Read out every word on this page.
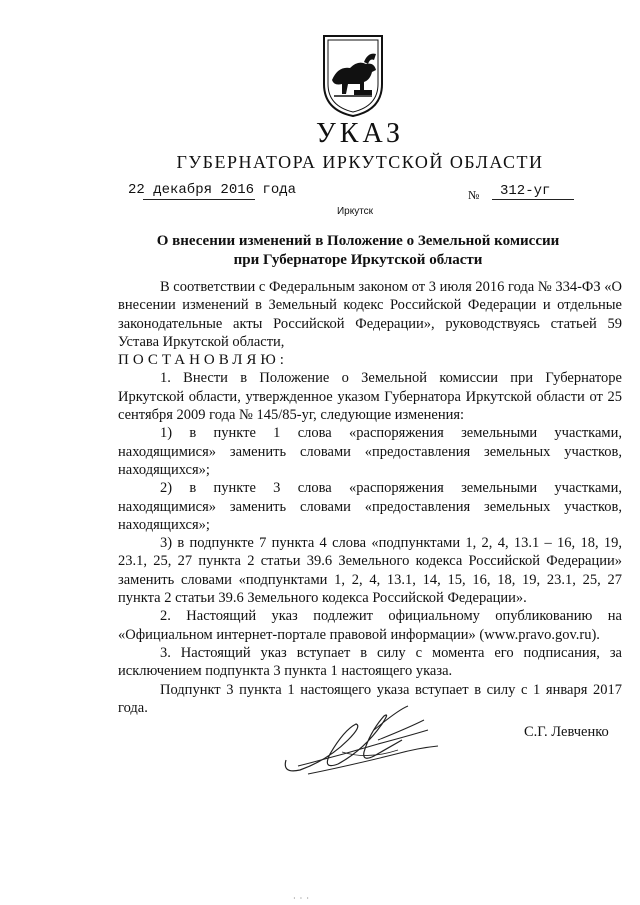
УКАЗ
ГУБЕРНАТОРА ИРКУТСКОЙ ОБЛАСТИ
22 декабря 2016 года	№ 312-уг
Иркутск
О внесении изменений в Положение о Земельной комиссии
при Губернаторе Иркутской области

В соответствии с Федеральным законом от 3 июля 2016 года № 334-ФЗ «О внесении изменений в Земельный кодекс Российской Федерации и отдельные законодательные акты Российской Федерации», руководствуясь статьей 59 Устава Иркутской области,

ПОСТАНОВЛЯЮ:

1. Внести в Положение о Земельной комиссии при Губернаторе Иркутской области, утвержденное указом Губернатора Иркутской области от 25 сентября 2009 года № 145/85-уг, следующие изменения:

1) в пункте 1 слова «распоряжения земельными участками, находящимися» заменить словами «предоставления земельных участков, находящихся»;

2) в пункте 3 слова «распоряжения земельными участками, находящимися» заменить словами «предоставления земельных участков, находящихся»;

3) в подпункте 7 пункта 4 слова «подпунктами 1, 2, 4, 13.1 – 16, 18, 19, 23.1, 25, 27 пункта 2 статьи 39.6 Земельного кодекса Российской Федерации» заменить словами «подпунктами 1, 2, 4, 13.1, 14, 15, 16, 18, 19, 23.1, 25, 27 пункта 2 статьи 39.6 Земельного кодекса Российской Федерации».

2. Настоящий указ подлежит официальному опубликованию на «Официальном интернет-портале правовой информации» (www.pravo.gov.ru).

3. Настоящий указ вступает в силу с момента его подписания, за исключением подпункта 3 пункта 1 настоящего указа.

Подпункт 3 пункта 1 настоящего указа вступает в силу с 1 января 2017 года.

С.Г. Левченко
· · ·
